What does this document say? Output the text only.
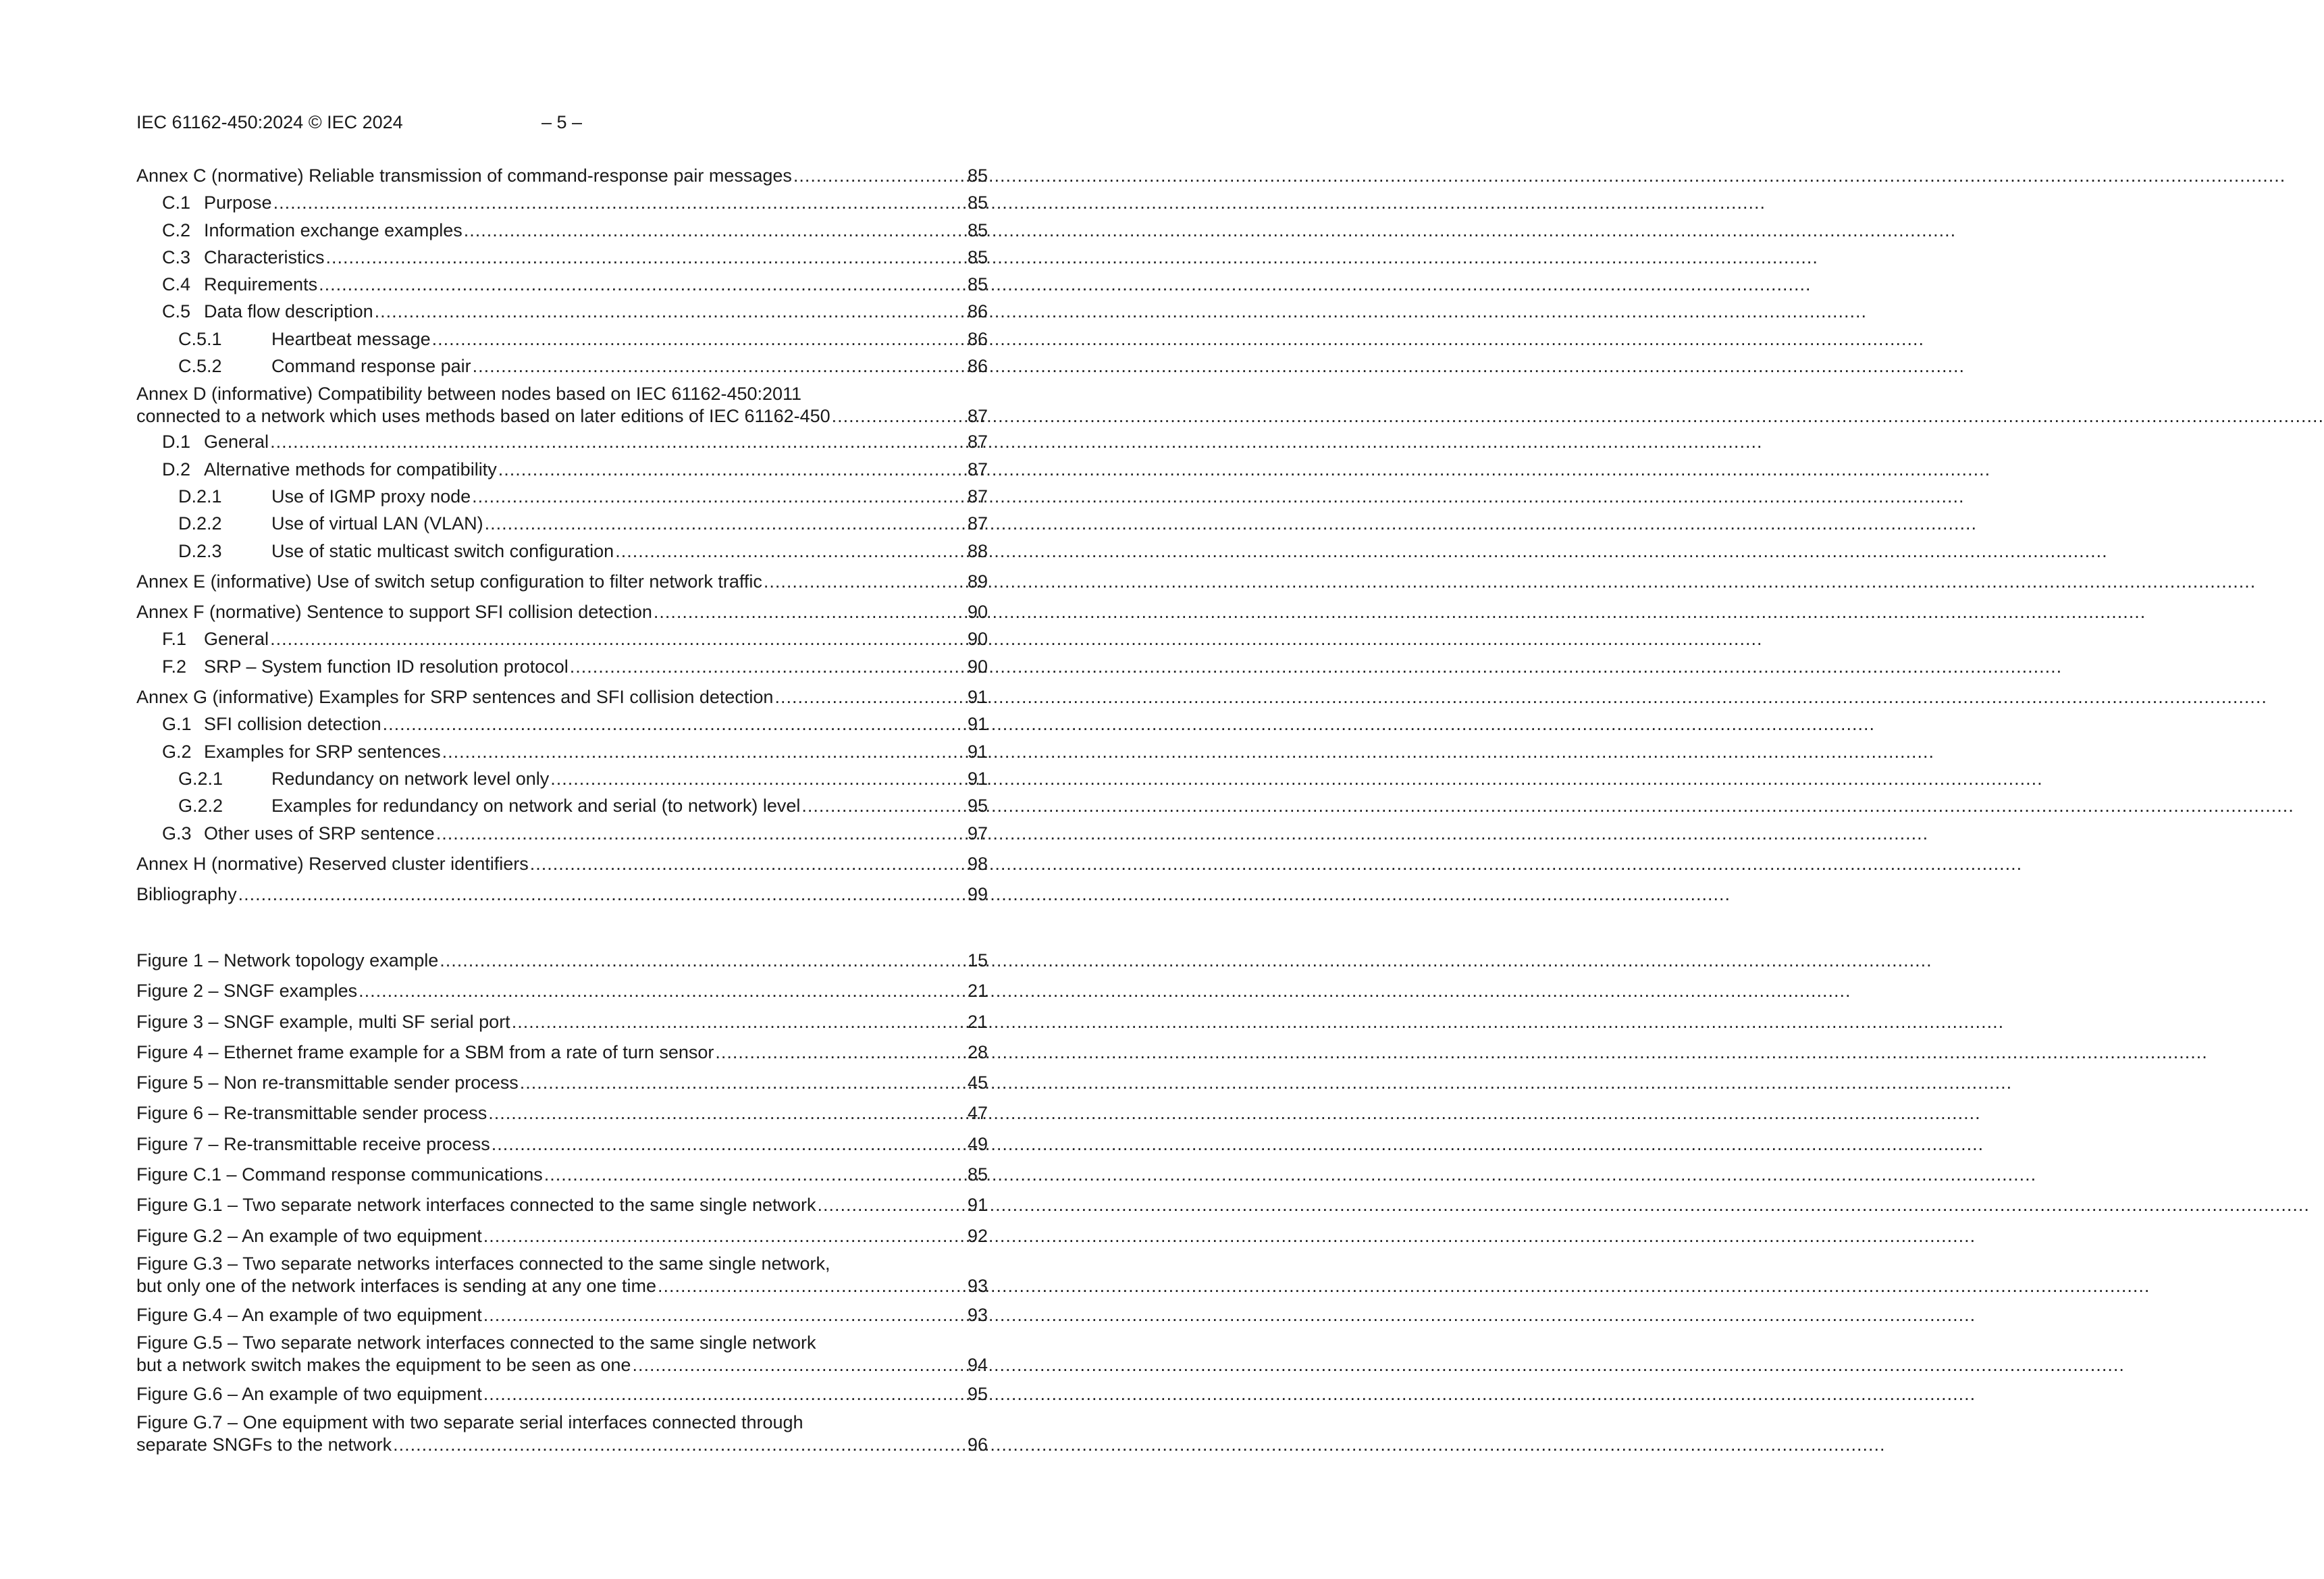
IEC 61162-450:2024 © IEC 2024	– 5 –
Annex C (normative) Reliable transmission of command-response pair messages .....	85
C.1 Purpose .....	85
C.2 Information exchange examples .....	85
C.3 Characteristics .....	85
C.4 Requirements .....	85
C.5 Data flow description .....	86
C.5.1	Heartbeat message .....	86
C.5.2	Command response pair .....	86
Annex D (informative) Compatibility between nodes based on IEC 61162-450:2011
connected to a network which uses methods based on later editions of IEC 61162-450 .....	87
D.1 General .....	87
D.2 Alternative methods for compatibility .....	87
D.2.1	Use of IGMP proxy node .....	87
D.2.2	Use of virtual LAN (VLAN) .....	87
D.2.3	Use of static multicast switch configuration .....	88
Annex E (informative) Use of switch setup configuration to filter network traffic .....	89
Annex F (normative) Sentence to support SFI collision detection .....	90
F.1 General .....	90
F.2 SRP – System function ID resolution protocol .....	90
Annex G (informative) Examples for SRP sentences and SFI collision detection .....	91
G.1 SFI collision detection .....	91
G.2 Examples for SRP sentences .....	91
G.2.1	Redundancy on network level only .....	91
G.2.2	Examples for redundancy on network and serial (to network) level .....	95
G.3 Other uses of SRP sentence .....	97
Annex H (normative) Reserved cluster identifiers .....	98
Bibliography .....	99
Figure 1 – Network topology example .....	15
Figure 2 – SNGF examples .....	21
Figure 3 – SNGF example, multi SF serial port .....	21
Figure 4 – Ethernet frame example for a SBM from a rate of turn sensor .....	28
Figure 5 – Non re-transmittable sender process .....	45
Figure 6 – Re-transmittable sender process .....	47
Figure 7 – Re-transmittable receive process .....	49
Figure C.1 – Command response communications .....	85
Figure G.1 – Two separate network interfaces connected to the same single network .....	91
Figure G.2 – An example of two equipment .....	92
Figure G.3 – Two separate networks interfaces connected to the same single network,
but only one of the network interfaces is sending at any one time .....	93
Figure G.4 – An example of two equipment .....	93
Figure G.5 – Two separate network interfaces connected to the same single network
but a network switch makes the equipment to be seen as one .....	94
Figure G.6 – An example of two equipment .....	95
Figure G.7 – One equipment with two separate serial interfaces connected through
separate SNGFs to the network .....	96
